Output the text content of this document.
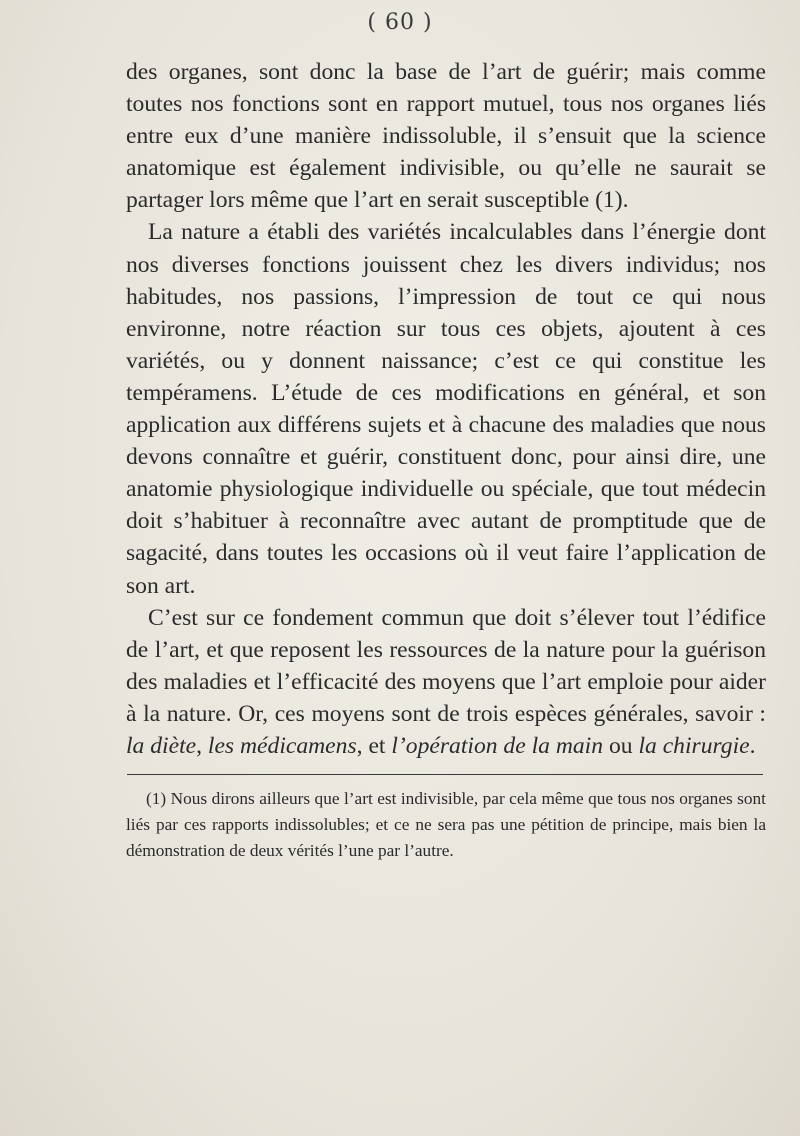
( 60 )

des organes, sont donc la base de l’art de guérir; mais comme toutes nos fonctions sont en rapport mutuel, tous nos organes liés entre eux d’une manière indissoluble, il s’ensuit que la science anatomique est également indivisible, ou qu’elle ne saurait se partager lors même que l’art en serait susceptible (1).

La nature a établi des variétés incalculables dans l’énergie dont nos diverses fonctions jouissent chez les divers individus; nos habitudes, nos passions, l’impression de tout ce qui nous environne, notre réaction sur tous ces objets, ajoutent à ces variétés, ou y donnent naissance; c’est ce qui constitue les tempéramens. L’étude de ces modifications en général, et son application aux différens sujets et à chacune des maladies que nous devons connaître et guérir, constituent donc, pour ainsi dire, une anatomie physiologique individuelle ou spéciale, que tout médecin doit s’habituer à reconnaître avec autant de promptitude que de sagacité, dans toutes les occasions où il veut faire l’application de son art.

C’est sur ce fondement commun que doit s’élever tout l’édifice de l’art, et que reposent les ressources de la nature pour la guérison des maladies et l’efficacité des moyens que l’art emploie pour aider à la nature. Or, ces moyens sont de trois espèces générales, savoir : la diète, les médicamens, et l’opération de la main ou la chirurgie.

(1) Nous dirons ailleurs que l’art est indivisible, par cela même que tous nos organes sont liés par ces rapports indissolubles; et ce ne sera pas une pétition de principe, mais bien la démonstration de deux vérités l’une par l’autre.
